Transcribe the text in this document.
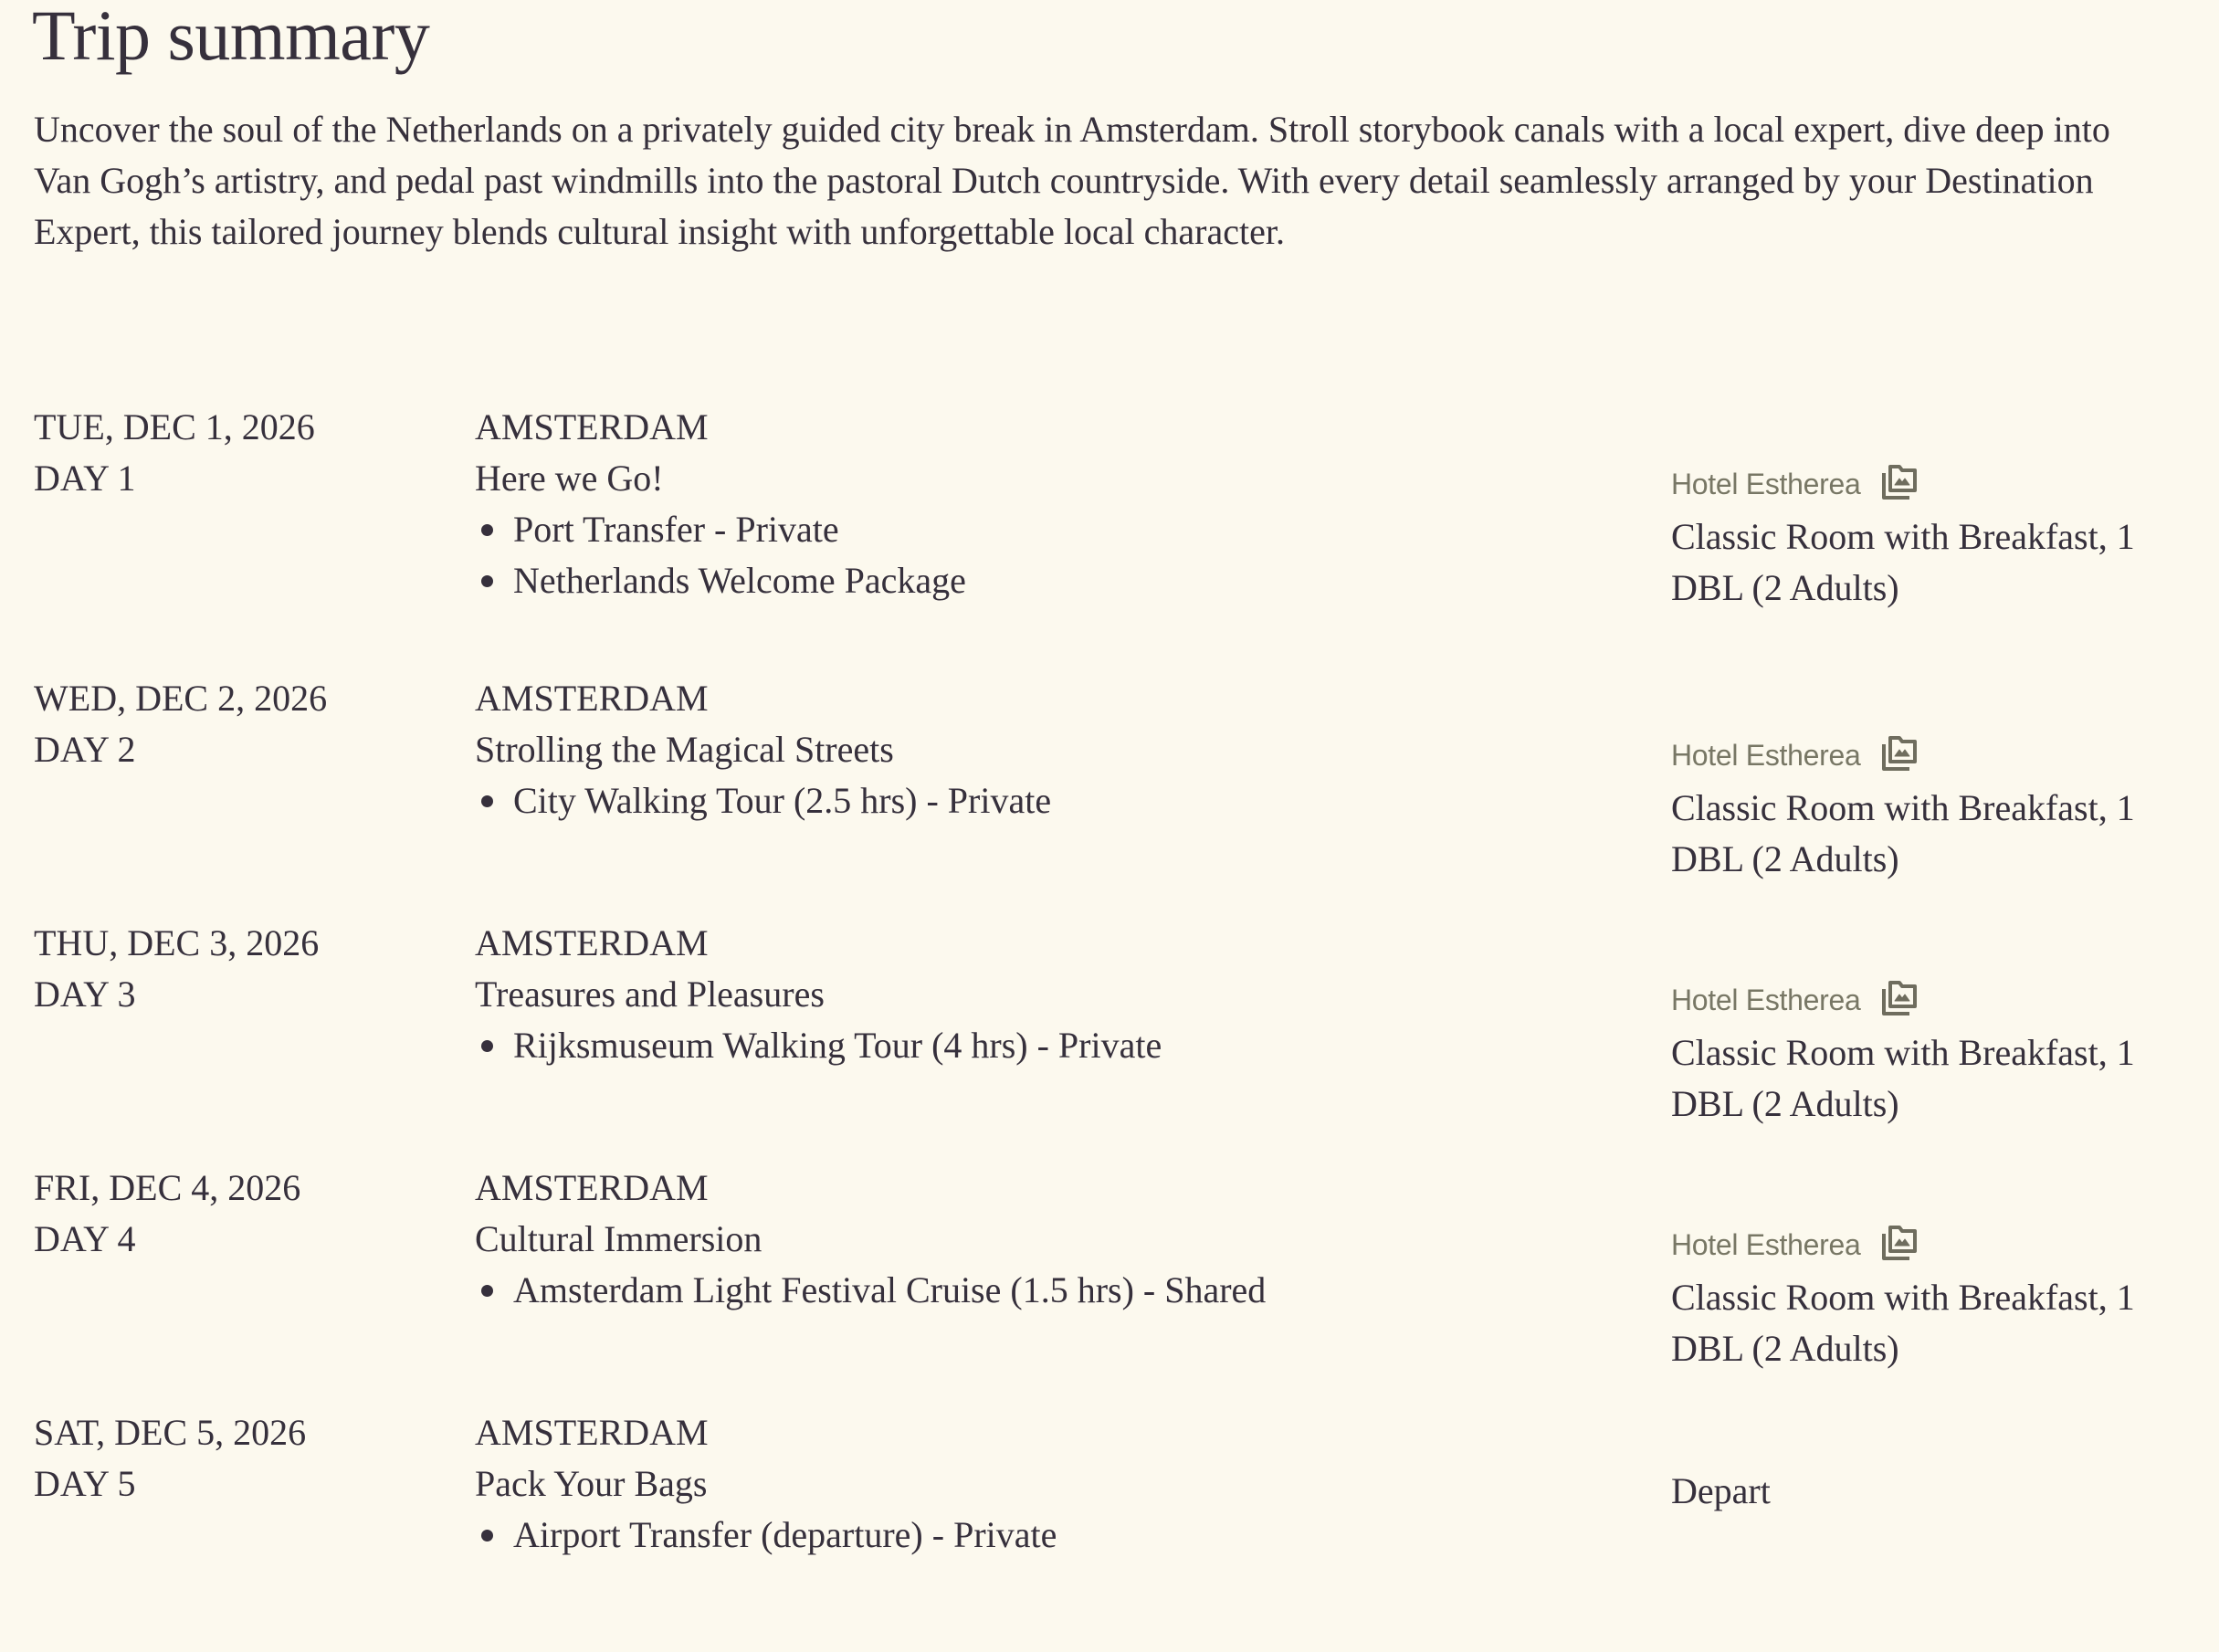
Trip summary

Uncover the soul of the Netherlands on a privately guided city break in Amsterdam. Stroll storybook canals with a local expert, dive deep into Van Gogh’s artistry, and pedal past windmills into the pastoral Dutch countryside. With every detail seamlessly arranged by your Destination Expert, this tailored journey blends cultural insight with unforgettable local character.

TUE, DEC 1, 2026
DAY 1
AMSTERDAM
Here we Go!
Port Transfer - Private
Netherlands Welcome Package
Hotel Estherea
Classic Room with Breakfast, 1 DBL (2 Adults)
WED, DEC 2, 2026
DAY 2
AMSTERDAM
Strolling the Magical Streets
City Walking Tour (2.5 hrs) - Private
Hotel Estherea
Classic Room with Breakfast, 1 DBL (2 Adults)
THU, DEC 3, 2026
DAY 3
AMSTERDAM
Treasures and Pleasures
Rijksmuseum Walking Tour (4 hrs) - Private
Hotel Estherea
Classic Room with Breakfast, 1 DBL (2 Adults)
FRI, DEC 4, 2026
DAY 4
AMSTERDAM
Cultural Immersion
Amsterdam Light Festival Cruise (1.5 hrs) - Shared
Hotel Estherea
Classic Room with Breakfast, 1 DBL (2 Adults)
SAT, DEC 5, 2026
DAY 5
AMSTERDAM
Pack Your Bags
Airport Transfer (departure) - Private
Depart
